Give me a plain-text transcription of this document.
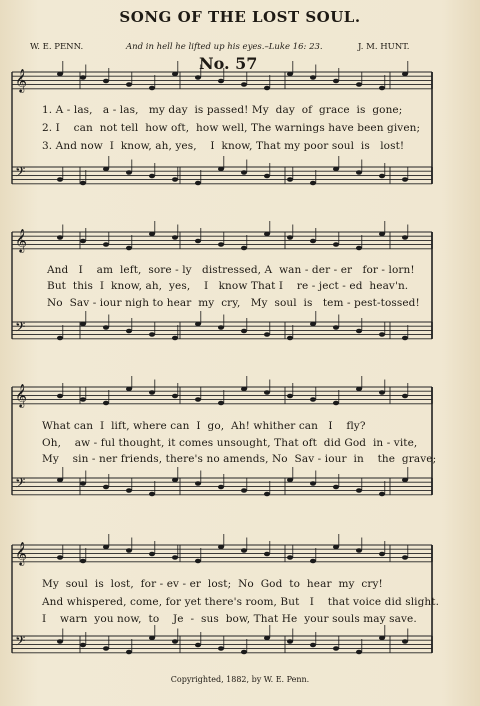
SONG OF THE LOST SOUL.
W. E. PENN.	And in hell he lifted up his eyes.–Luke 16: 23.	J. M. HUNT.
No. 57
𝄞
𝄢
𝄞
𝄢
𝄞
𝄢
𝄞
𝄢
1. A - las,   a - las,   my day  is passed! My  day  of  grace  is  gone;
2. I    can  not tell  how oft,  how well, The warnings have been given;
3. And now  I  know, ah, yes,    I  know, That my poor soul  is   lost!
And   I    am  left,  sore - ly   distressed, A  wan - der - er   for - lorn!
But  this  I  know, ah,  yes,    I   know That I    re - ject - ed  heav'n.
No  Sav - iour nigh to hear  my  cry,   My  soul  is   tem - pest-tossed!
What can  I  lift, where can  I  go,  Ah! whither can   I    fly?
Oh,    aw - ful thought, it comes unsought, That oft  did God  in - vite,
My    sin - ner friends, there's no amends, No  Sav - iour  in    the  grave;
My  soul  is  lost,  for - ev - er  lost;  No  God  to  hear  my  cry!
And whispered, come, for yet there's room, But   I    that voice did slight.
I    warn  you now,  to    Je  -  sus  bow, That He  your souls may save.
Copyrighted, 1882, by W. E. Penn.
